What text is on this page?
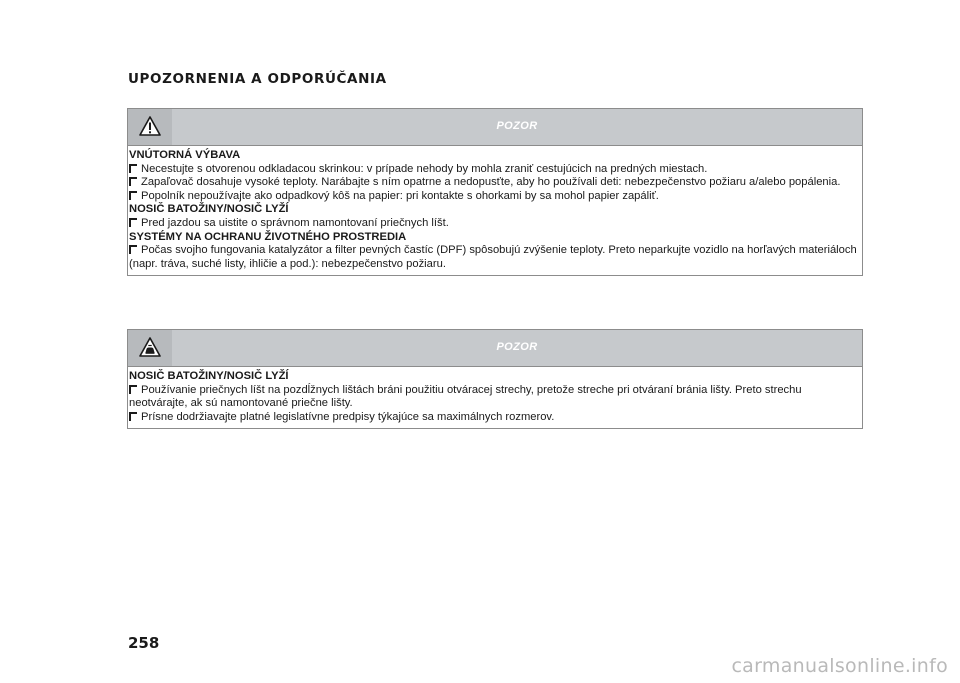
UPOZORNENIA A ODPORÚČANIA
POZOR
VNÚTORNÁ VÝBAVA
Necestujte s otvorenou odkladacou skrinkou: v prípade nehody by mohla zraniť cestujúcich na predných miestach.
Zapaľovač dosahuje vysoké teploty. Narábajte s ním opatrne a nedopusťte, aby ho používali deti: nebezpečenstvo požiaru a/alebo popálenia.
Popolník nepoužívajte ako odpadkový kôš na papier: pri kontakte s ohorkami by sa mohol papier zapáliť.
NOSIČ BATOŽINY/NOSIČ LYŽÍ
Pred jazdou sa uistite o správnom namontovaní priečnych líšt.
SYSTÉMY NA OCHRANU ŽIVOTNÉHO PROSTREDIA
Počas svojho fungovania katalyzátor a filter pevných častíc (DPF) spôsobujú zvýšenie teploty. Preto neparkujte vozidlo na horľavých materiáloch (napr. tráva, suché listy, ihličie a pod.): nebezpečenstvo požiaru.
POZOR
NOSIČ BATOŽINY/NOSIČ LYŽÍ
Používanie priečnych líšt na pozdĺžnych lištách bráni použitiu otváracej strechy, pretože streche pri otváraní bránia lišty. Preto strechu neotvárajte, ak sú namontované priečne lišty.
Prísne dodržiavajte platné legislatívne predpisy týkajúce sa maximálnych rozmerov.
258
carmanualsonline.info
